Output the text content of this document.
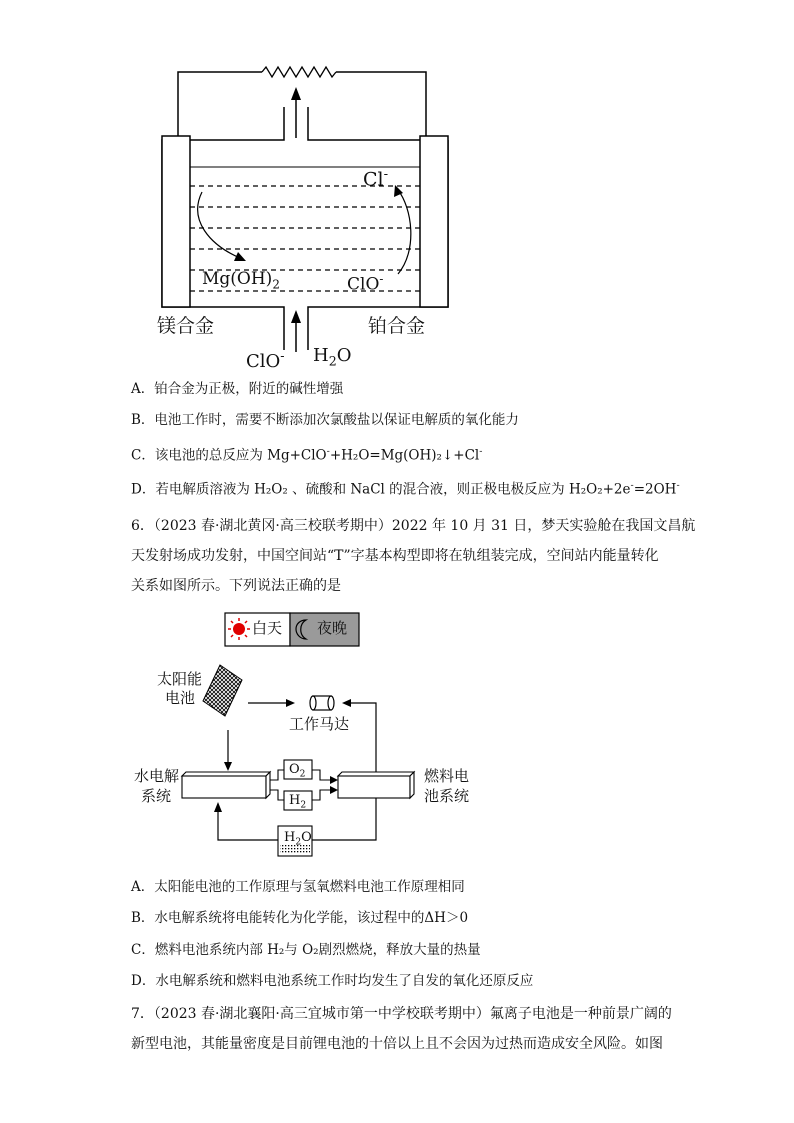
Cl-
$Mg(OH)_2$	ClO-
镁合金	铂合金
ClO- $H_2O$
A．铂合金为正极，附近的碱性增强
B．电池工作时，需要不断添加次氯酸盐以保证电解质的氧化能力
C．该电池的总反应为 Mg+ClO-+H₂O=Mg(OH)₂↓+Cl-
D．若电解质溶液为 H₂O₂ 、硫酸和 NaCl 的混合液，则正极电极反应为 H₂O₂+2e-=2OH-
6．（2023 春·湖北黄冈·高三校联考期中）2022 年 10 月 31 日，梦天实验舱在我国文昌航
天发射场成功发射，中国空间站“T”字基本构型即将在轨组装完成，空间站内能量转化
关系如图所示。下列说法正确的是
白天 夜晚
太阳能
电池
工作马达
水电解
系统
燃料电
池系统
$O_2$
$H_2$
$H_2O$
A．太阳能电池的工作原理与氢氧燃料电池工作原理相同
B．水电解系统将电能转化为化学能，该过程中的ΔH＞0
C．燃料电池系统内部 H₂与 O₂剧烈燃烧，释放大量的热量
D．水电解系统和燃料电池系统工作时均发生了自发的氧化还原反应
7．（2023 春·湖北襄阳·高三宜城市第一中学校联考期中）氟离子电池是一种前景广阔的
新型电池，其能量密度是目前锂电池的十倍以上且不会因为过热而造成安全风险。如图
